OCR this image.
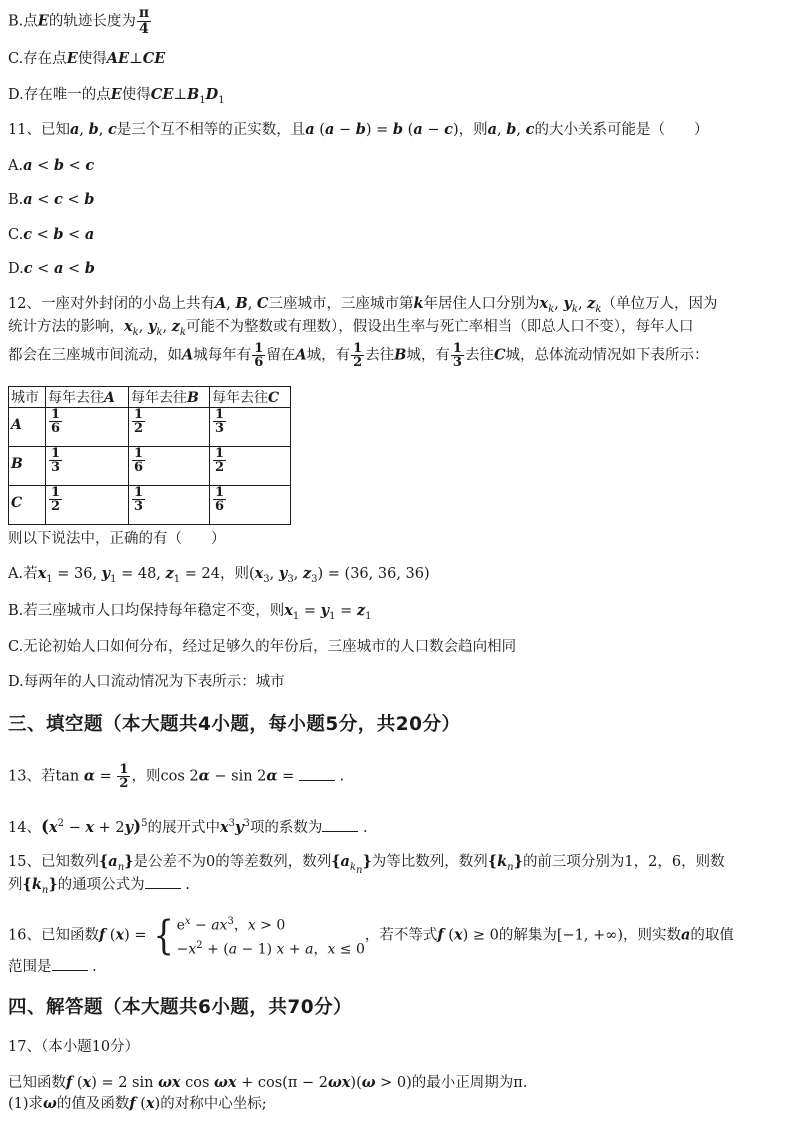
B.点E的轨迹长度为 $\frac{\pi}{4}$
C.存在点E使得AE⊥CE
D.存在唯一的点E使得$CE\perp B_1D_1$
11、已知a, b, c是三个互不相等的正实数，且a (a − b) = b (a − c)，则a, b, c的大小关系可能是（　　）
A.a < b < c
B.a < c < b
C.c < b < a
D.c < a < b
12、一座对外封闭的小岛上共有A, B, C三座城市，三座城市第k年居住人口分别为$x_k$, $y_k$, $z_k$（单位万人，因为
统计方法的影响，$x_k$, $y_k$, $z_k$可能不为整数或有理数），假设出生率与死亡率相当（即总人口不变），每年人口
都会在三座城市间流动，如A城每年有 $\frac{1}{6}$ 留在A城，有 $\frac{1}{2}$ 去往B城，有 $\frac{1}{3}$ 去往C城，总体流动情况如下表所示：
城市	每年去往A	每年去往B	每年去往C
A	$\frac{1}{6}$	$\frac{1}{2}$	$\frac{1}{3}$

B	$\frac{1}{3}$	$\frac{1}{6}$	$\frac{1}{2}$

C	$\frac{1}{2}$	$\frac{1}{3}$	$\frac{1}{6}$
则以下说法中，正确的有（　　）
A.若$x_1 = 36$, $y_1 = 48$, $z_1 = 24$，则($x_3$, $y_3$, $z_3) = (36$, 36, 36)
B.若三座城市人口均保持每年稳定不变，则$x_1 = y_1 = z_1$
C.无论初始人口如何分布，经过足够久的年份后，三座城市的人口数会趋向相同
D.每两年的人口流动情况为下表所示：城市
三、填空题（本大题共4小题，每小题5分，共20分）
13、若$\tan \alpha = \frac{1}{2}$ ，则cos 2α − sin 2α =  .
14、$(x^2 - x + 2y)^5$的展开式中$x^3y^3$项的系数为 .
15、已知数列$\{a_n\}$是公差不为0的等差数列，数列$\{a_{k_n}\}$为等比数列，数列$\{k_n\}$的前三项分别为1，2，6，则数
列$\{k_n\}$的通项公式为 .
16、已知函数f (x) = { $e^x - ax^3$，x > 0
$-x^2 + (a - 1) x + a$，x ≤ 0
，若不等式f (x) ≥ 0的解集为[−1, +∞)，则实数a的取值
范围是 .
四、解答题（本大题共6小题，共70分）
17、（本小题10分）
已知函数f (x) = 2 sin ωx cos ωx + cos(π − 2ωx)(ω > 0)的最小正周期为π.
(1)求ω的值及函数f (x)的对称中心坐标;
